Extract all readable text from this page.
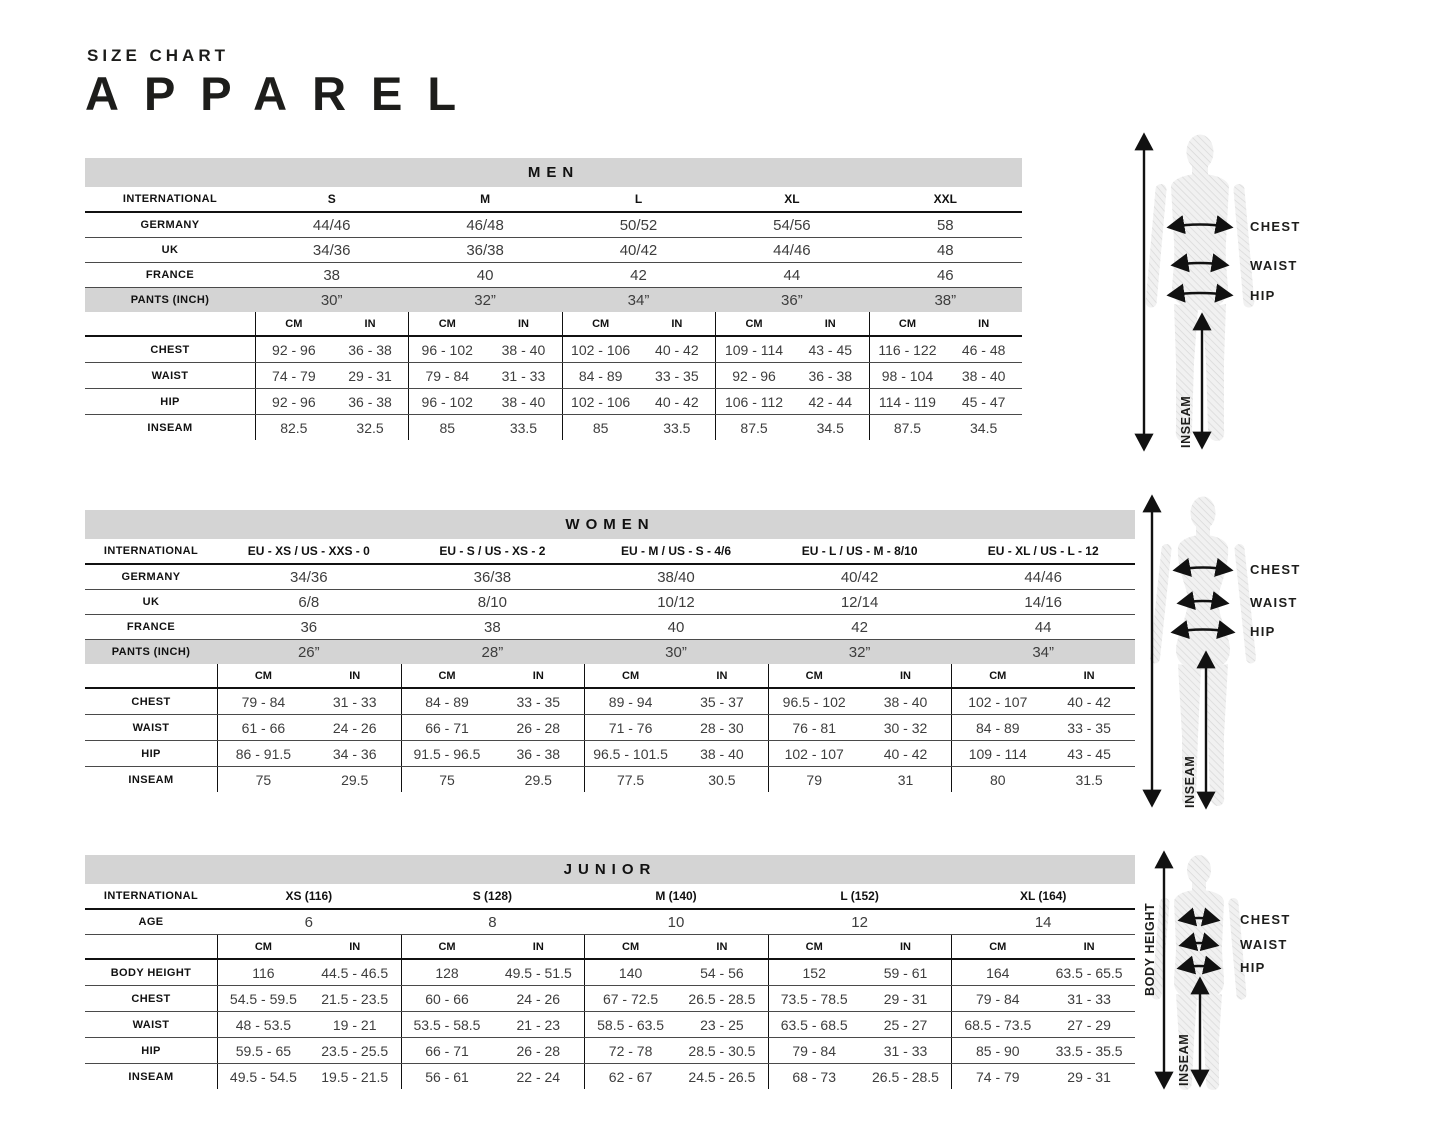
SIZE CHART
APPAREL
MEN
INTERNATIONAL	S	M	L	XL	XXL
GERMANY	44/46	46/48	50/52	54/56	58
UK	34/36	36/38	40/42	44/46	48
FRANCE	38	40	42	44	46
PANTS (INCH)	30”	32”	34”	36”	38”
CM	IN	CM	IN	CM	IN	CM	IN	CM	IN
CHEST	92 - 96	36 - 38	96 - 102	38 - 40	102 - 106	40 - 42	109 - 114	43 - 45	116 - 122	46 - 48
WAIST	74 - 79	29 - 31	79 - 84	31 - 33	84 - 89	33 - 35	92 - 96	36 - 38	98 - 104	38 - 40
HIP	92 - 96	36 - 38	96 - 102	38 - 40	102 - 106	40 - 42	106 - 112	42 - 44	114 - 119	45 - 47
INSEAM	82.5	32.5	85	33.5	85	33.5	87.5	34.5	87.5	34.5
WOMEN
INTERNATIONAL	EU - XS / US - XXS - 0	EU - S / US - XS - 2	EU - M / US - S - 4/6	EU - L / US - M - 8/10	EU - XL / US - L - 12
GERMANY	34/36	36/38	38/40	40/42	44/46
UK	6/8	8/10	10/12	12/14	14/16
FRANCE	36	38	40	42	44
PANTS (INCH)	26”	28”	30”	32”	34”
CM	IN	CM	IN	CM	IN	CM	IN	CM	IN
CHEST	79 - 84	31 - 33	84 - 89	33 - 35	89 - 94	35 - 37	96.5 - 102	38 - 40	102 - 107	40 - 42
WAIST	61 - 66	24 - 26	66 - 71	26 - 28	71 - 76	28 - 30	76 - 81	30 - 32	84 - 89	33 - 35
HIP	86 - 91.5	34 - 36	91.5 - 96.5	36 - 38	96.5 - 101.5	38 - 40	102 - 107	40 - 42	109 - 114	43 - 45
INSEAM	75	29.5	75	29.5	77.5	30.5	79	31	80	31.5
JUNIOR
INTERNATIONAL	XS (116)	S (128)	M (140)	L (152)	XL (164)
AGE	6	8	10	12	14
CM	IN	CM	IN	CM	IN	CM	IN	CM	IN
BODY HEIGHT	116	44.5 - 46.5	128	49.5 - 51.5	140	54 - 56	152	59 - 61	164	63.5 - 65.5
CHEST	54.5 - 59.5	21.5 - 23.5	60 - 66	24 - 26	67 - 72.5	26.5 - 28.5	73.5 - 78.5	29 - 31	79 - 84	31 - 33
WAIST	48 - 53.5	19 - 21	53.5 - 58.5	21 - 23	58.5 - 63.5	23 - 25	63.5 - 68.5	25 - 27	68.5 - 73.5	27 - 29
HIP	59.5 - 65	23.5 - 25.5	66 - 71	26 - 28	72 - 78	28.5 - 30.5	79 - 84	31 - 33	85 - 90	33.5 - 35.5
INSEAM	49.5 - 54.5	19.5 - 21.5	56 - 61	22 - 24	62 - 67	24.5 - 26.5	68 - 73	26.5 - 28.5	74 - 79	29 - 31
CHEST
WAIST
HIP
INSEAM
CHEST
WAIST
HIP
INSEAM
CHEST
WAIST
HIP
BODY HEIGHT
INSEAM
